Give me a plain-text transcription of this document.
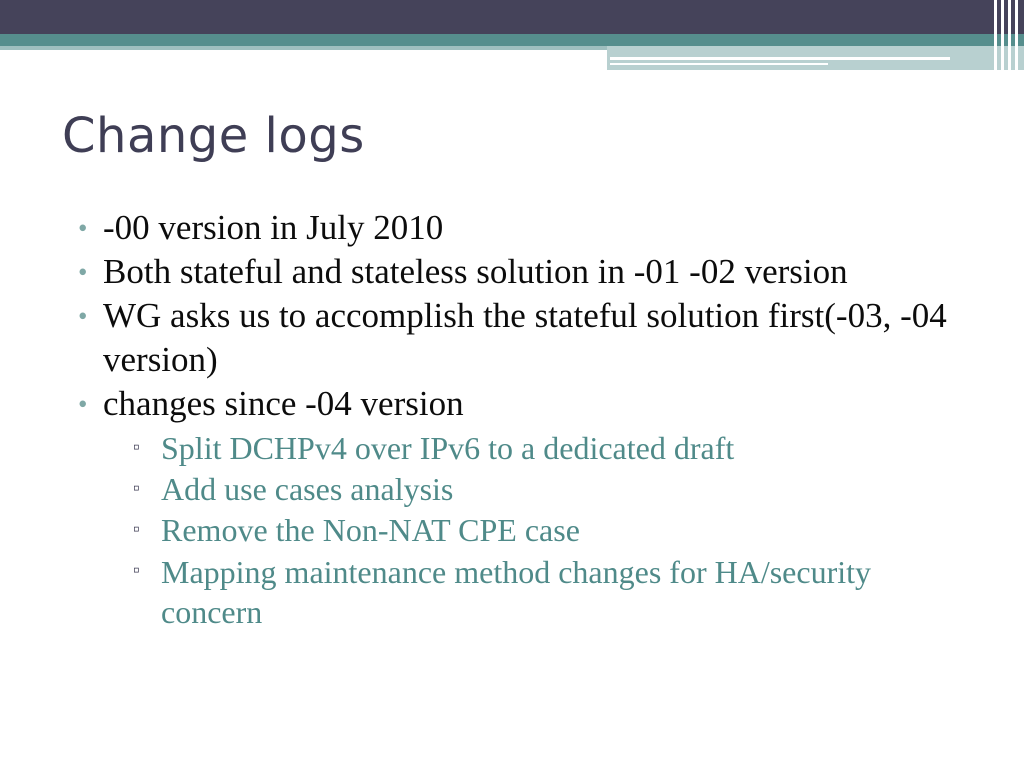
Change logs
• -00 version in July 2010
• Both stateful and stateless solution in -01 -02 version
• WG asks us to accomplish the stateful solution first(-03, -04 version)
• changes since -04 version
▫ Split DCHPv4 over IPv6 to a dedicated draft
▫ Add use cases analysis
▫ Remove the Non-NAT CPE case
▫ Mapping maintenance method changes for HA/security concern
